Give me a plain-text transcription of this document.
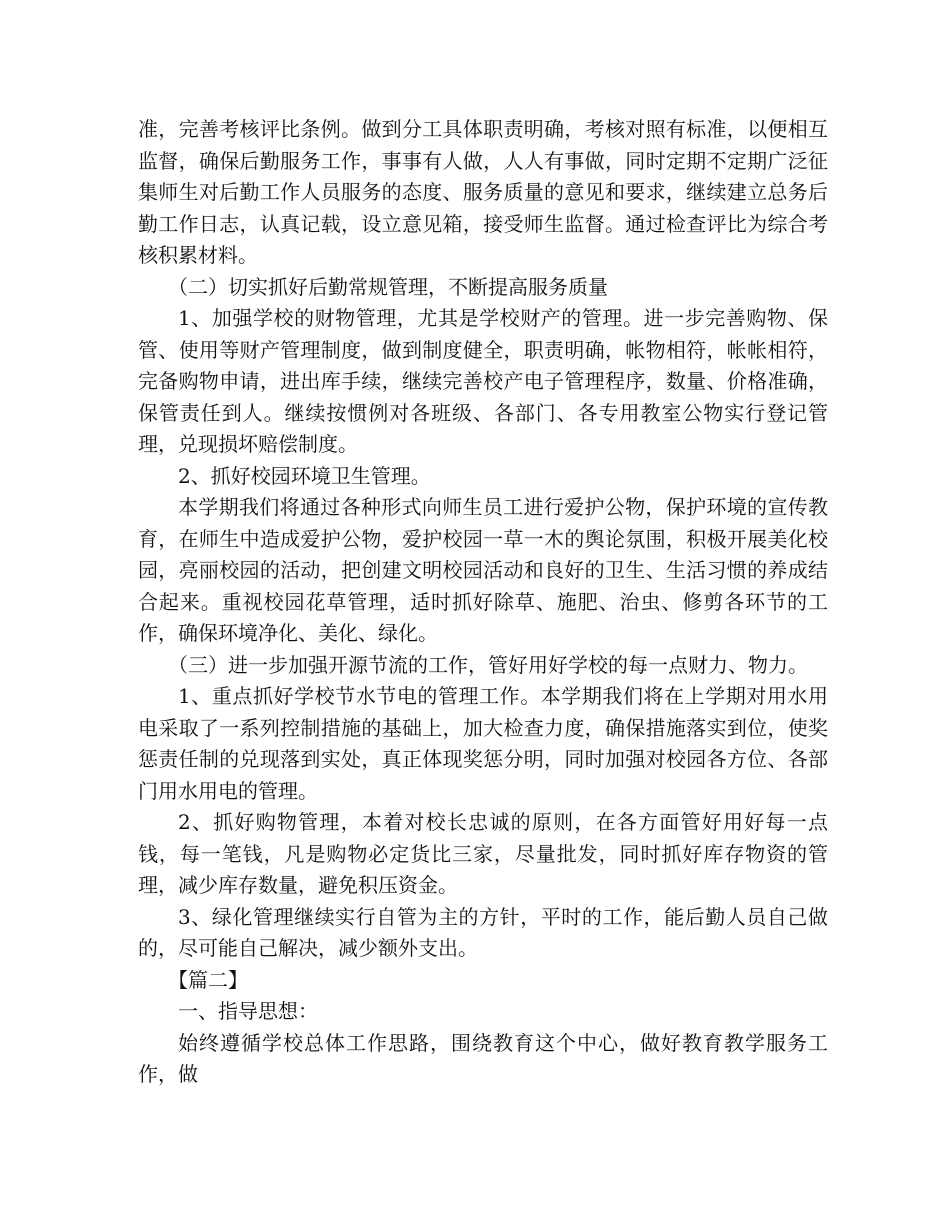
准，完善考核评比条例。做到分工具体职责明确，考核对照有标准，以便相互监督，确保后勤服务工作，事事有人做，人人有事做，同时定期不定期广泛征集师生对后勤工作人员服务的态度、服务质量的意见和要求，继续建立总务后勤工作日志，认真记载，设立意见箱，接受师生监督。通过检查评比为综合考核积累材料。

（二）切实抓好后勤常规管理，不断提高服务质量

1、加强学校的财物管理，尤其是学校财产的管理。进一步完善购物、保管、使用等财产管理制度，做到制度健全，职责明确，帐物相符，帐帐相符，完备购物申请，进出库手续，继续完善校产电子管理程序，数量、价格准确，保管责任到人。继续按惯例对各班级、各部门、各专用教室公物实行登记管理，兑现损坏赔偿制度。

2、抓好校园环境卫生管理。

本学期我们将通过各种形式向师生员工进行爱护公物，保护环境的宣传教育，在师生中造成爱护公物，爱护校园一草一木的舆论氛围，积极开展美化校园，亮丽校园的活动，把创建文明校园活动和良好的卫生、生活习惯的养成结合起来。重视校园花草管理，适时抓好除草、施肥、治虫、修剪各环节的工作，确保环境净化、美化、绿化。

（三）进一步加强开源节流的工作，管好用好学校的每一点财力、物力。

1、重点抓好学校节水节电的管理工作。本学期我们将在上学期对用水用电采取了一系列控制措施的基础上，加大检查力度，确保措施落实到位，使奖惩责任制的兑现落到实处，真正体现奖惩分明，同时加强对校园各方位、各部门用水用电的管理。

2、抓好购物管理，本着对校长忠诚的原则，在各方面管好用好每一点钱，每一笔钱，凡是购物必定货比三家，尽量批发，同时抓好库存物资的管理，减少库存数量，避免积压资金。

3、绿化管理继续实行自管为主的方针，平时的工作，能后勤人员自己做的，尽可能自己解决，减少额外支出。

【篇二】

一、指导思想：

始终遵循学校总体工作思路，围绕教育这个中心，做好教育教学服务工作，做
